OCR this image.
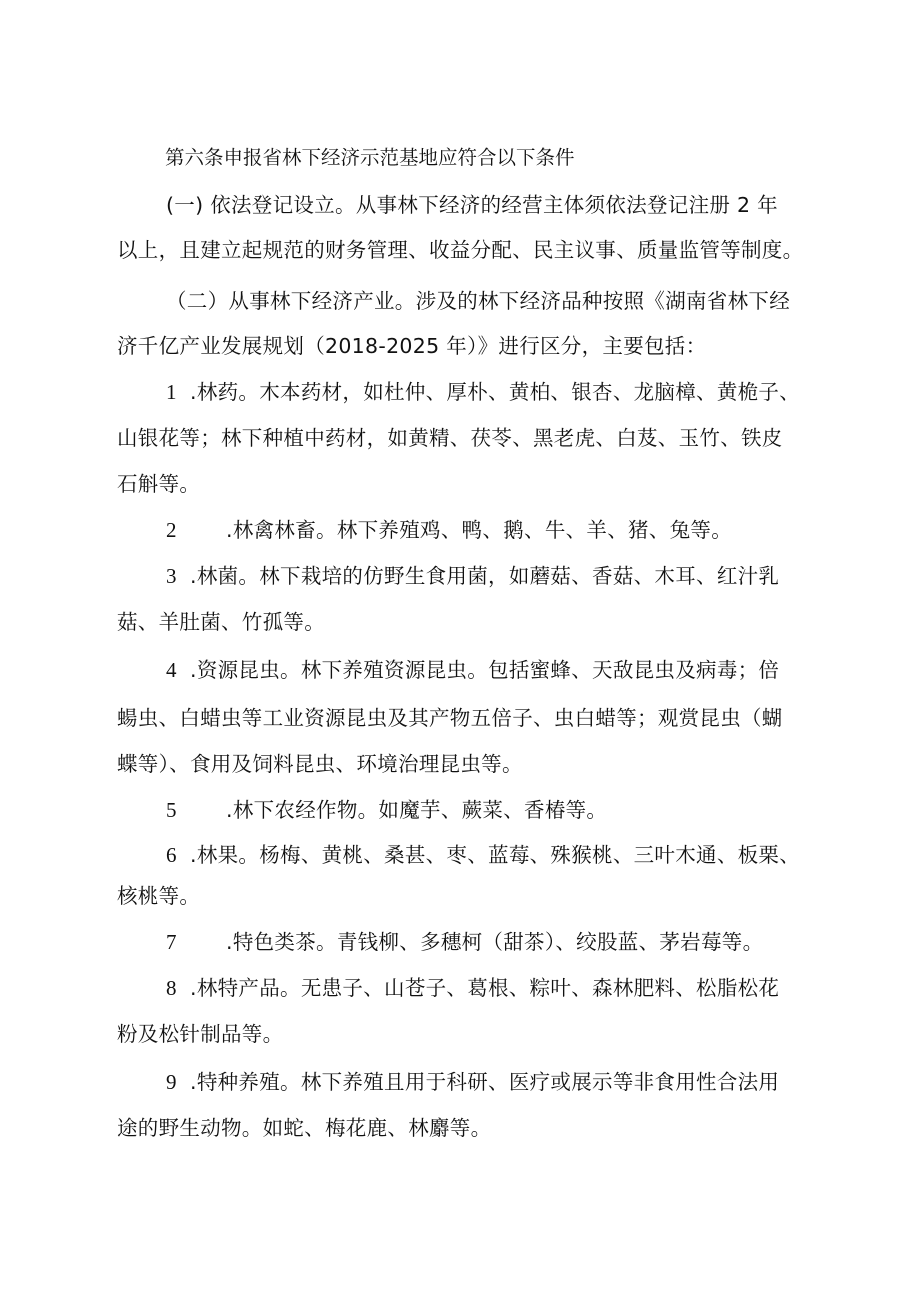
第六条申报省林下经济示范基地应符合以下条件
(一) 依法登记设立。从事林下经济的经营主体须依法登记注册 2 年
以上，且建立起规范的财务管理、收益分配、民主议事、质量监管等制度。
（二）从事林下经济产业。涉及的林下经济品种按照《湖南省林下经
济千亿产业发展规划（2018-2025 年）》进行区分，主要包括：
1 .林药。木本药材，如杜仲、厚朴、黄柏、银杏、龙脑樟、黄桅子、
山银花等；林下种植中药材，如黄精、茯苓、黑老虎、白芨、玉竹、铁皮
石斛等。
2 .林禽林畜。林下养殖鸡、鸭、鹅、牛、羊、猪、兔等。
3 .林菌。林下栽培的仿野生食用菌，如蘑菇、香菇、木耳、红汁乳
菇、羊肚菌、竹孤等。
4 .资源昆虫。林下养殖资源昆虫。包括蜜蜂、天敌昆虫及病毒；倍
蝪虫、白蜡虫等工业资源昆虫及其产物五倍子、虫白蜡等；观赏昆虫（蝴
蝶等）、食用及饲料昆虫、环境治理昆虫等。
5 .林下农经作物。如魔芋、蕨菜、香椿等。
6 .林果。杨梅、黄桃、桑甚、枣、蓝莓、殊猴桃、三叶木通、板栗、
核桃等。
7 .特色类茶。青钱柳、多穗柯（甜茶）、绞股蓝、茅岩莓等。
8 .林特产品。无患子、山苍子、葛根、粽叶、森林肥料、松脂松花
粉及松针制品等。
9 .特种养殖。林下养殖且用于科研、医疗或展示等非食用性合法用
途的野生动物。如蛇、梅花鹿、林麝等。
